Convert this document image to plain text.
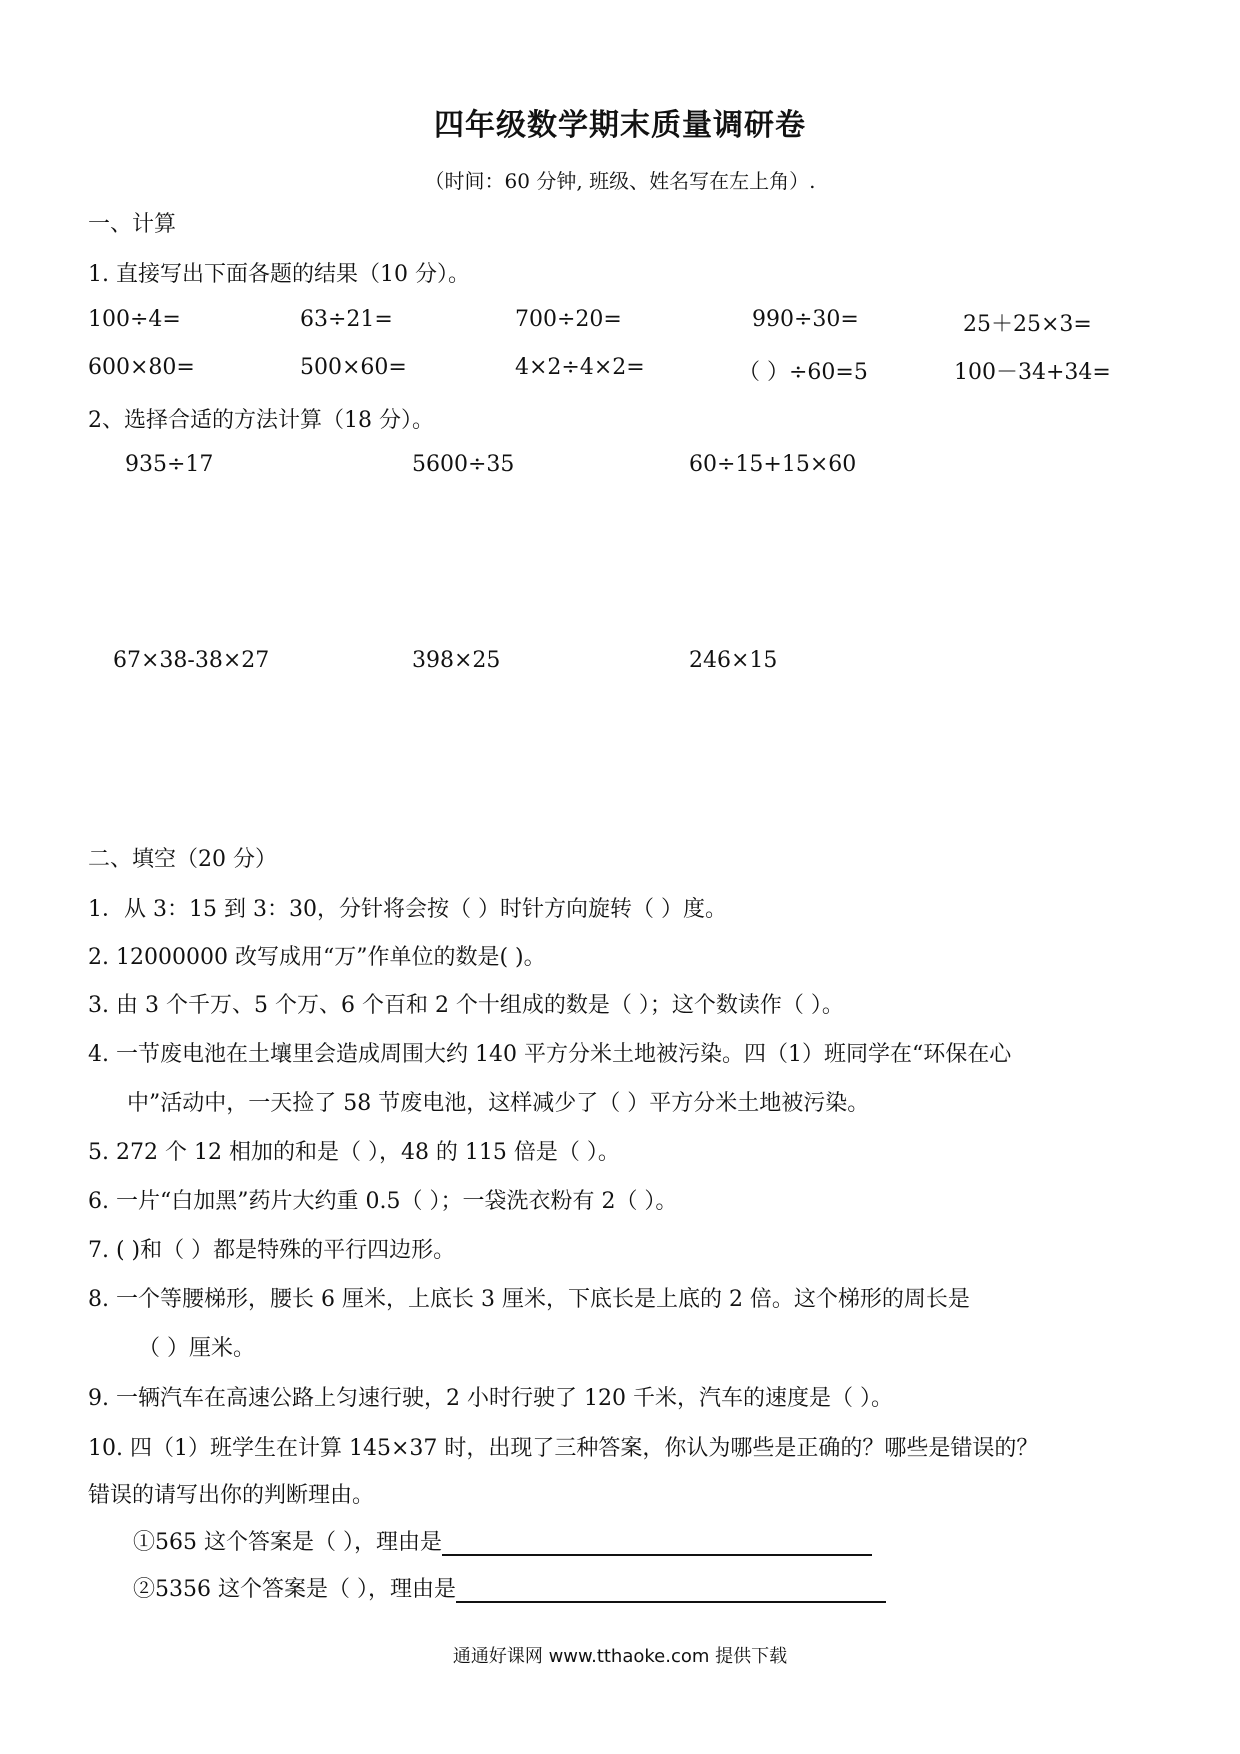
四年级数学期末质量调研卷
（时间：60 分钟, 班级、姓名写在左上角）.
一、计算
1. 直接写出下面各题的结果（10 分）。
100÷4=	63÷21=	700÷20=	990÷30=	25＋25×3=
600×80=	500×60=	4×2÷4×2=	（ ）÷60=5	100－34+34=
2、选择合适的方法计算（18 分）。
935÷17	5600÷35	60÷15+15×60
67×38-38×27	398×25	246×15
二、填空（20 分）
1．从 3：15 到 3：30，分针将会按（ ）时针方向旋转（ ）度。
2. 12000000 改写成用“万”作单位的数是( )。
3. 由 3 个千万、5 个万、6 个百和 2 个十组成的数是（ ）；这个数读作（ ）。
4. 一节废电池在土壤里会造成周围大约 140 平方分米土地被污染。四（1）班同学在“环保在心
中”活动中，一天捡了 58 节废电池，这样减少了（ ）平方分米土地被污染。
5. 272 个 12 相加的和是（ ），48 的 115 倍是（ ）。
6. 一片“白加黑”药片大约重 0.5（ ）；一袋洗衣粉有 2（ ）。
7. ( )和（ ）都是特殊的平行四边形。
8. 一个等腰梯形，腰长 6 厘米，上底长 3 厘米，下底长是上底的 2 倍。这个梯形的周长是
（ ）厘米。
9. 一辆汽车在高速公路上匀速行驶，2 小时行驶了 120 千米，汽车的速度是（ ）。
10. 四（1）班学生在计算 145×37 时，出现了三种答案，你认为哪些是正确的？哪些是错误的？
错误的请写出你的判断理由。
①565 这个答案是（ ），理由是
②5356 这个答案是（ ），理由是
通通好课网 www.tthaoke.com 提供下载
